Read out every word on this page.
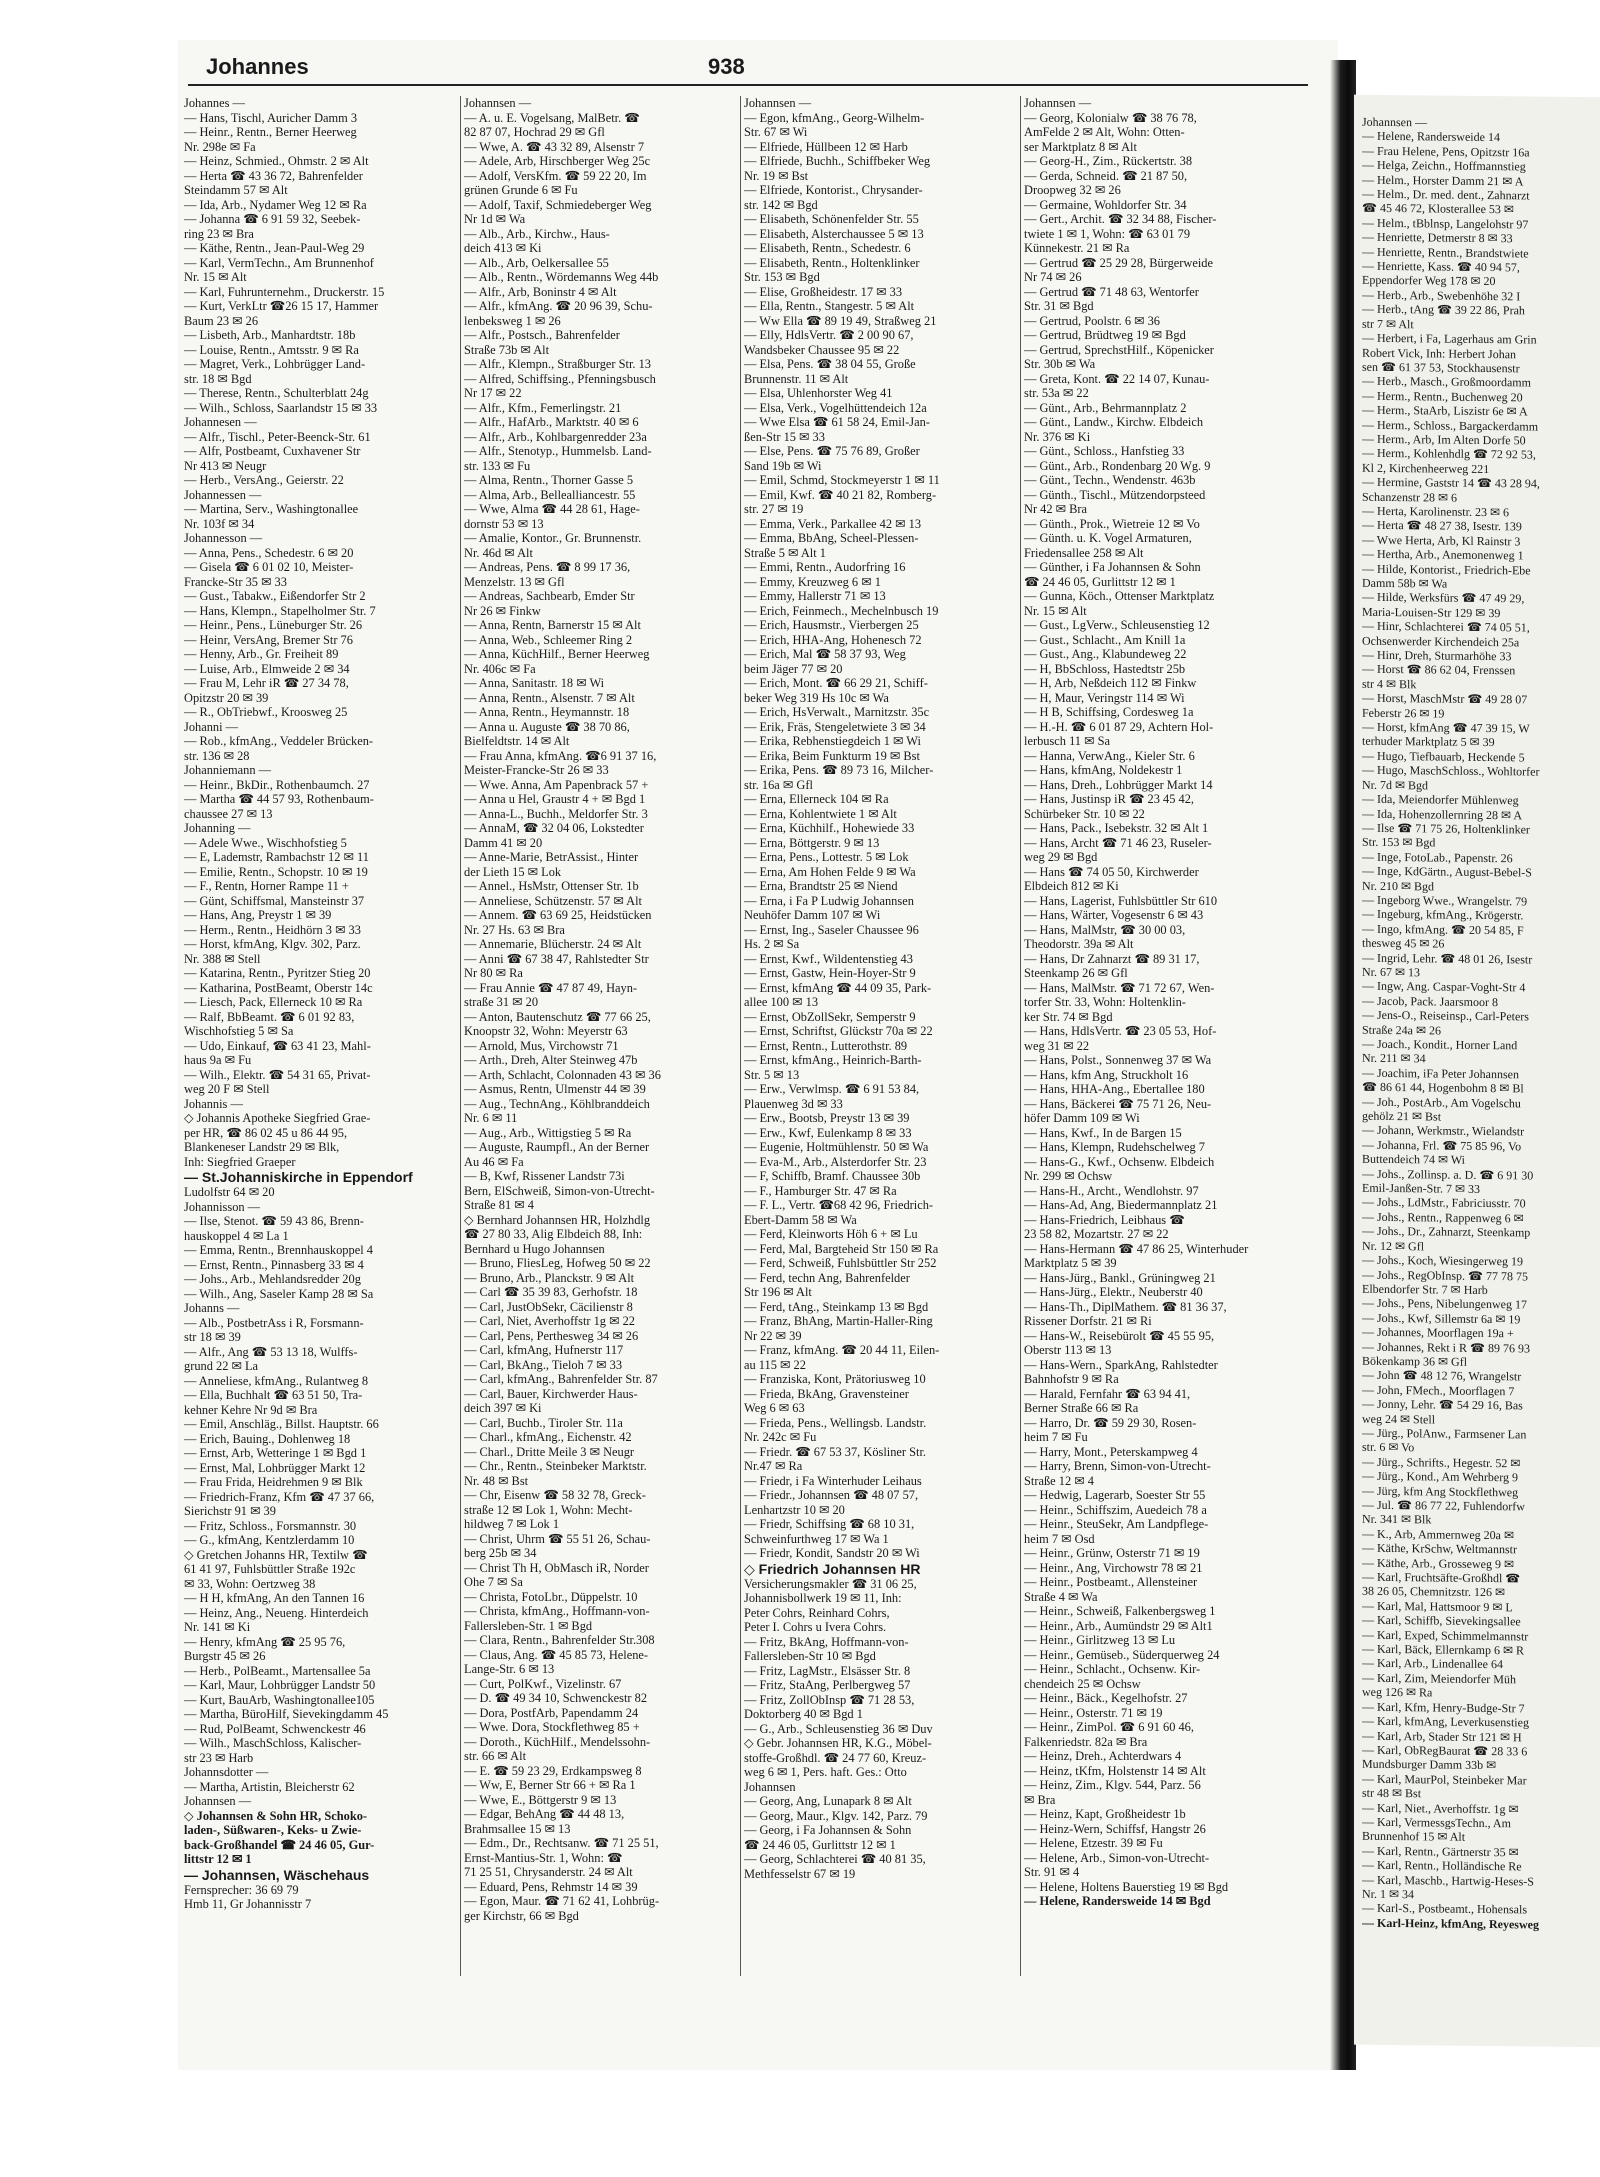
Johannsen —
— Helene, Randersweide 14
— Frau Helene, Pens, Opitzstr 16a
— Helga, Zeichn., Hoffmannstieg
— Helm., Horster Damm 21 ✉ A
— Helm., Dr. med. dent., Zahnarzt
☎ 45 46 72, Klosterallee 53 ✉
— Helm., tBblnsp, Langelohstr 97
— Henriette, Detmerstr 8 ✉ 33
— Henriette, Rentn., Brandstwiete
— Henriette, Kass. ☎ 40 94 57,
Eppendorfer Weg 178 ✉ 20
— Herb., Arb., Swebenhöhe 32 I
— Herb., tAng ☎ 39 22 86, Prah
str 7 ✉ Alt
— Herbert, i Fa, Lagerhaus am Grin
Robert Vick, Inh: Herbert Johan
sen ☎ 61 37 53, Stockhausenstr
— Herb., Masch., Großmoordamm
— Herm., Rentn., Buchenweg 20
— Herm., StaArb, Liszistr 6e ✉ A
— Herm., Schloss., Bargackerdamm
— Herm., Arb, Im Alten Dorfe 50
— Herm., Kohlenhdlg ☎ 72 92 53,
Kl 2, Kirchenheerweg 221
— Hermine, Gaststr 14 ☎ 43 28 94,
Schanzenstr 28 ✉ 6
— Herta, Karolinenstr. 23 ✉ 6
— Herta ☎ 48 27 38, Isestr. 139
— Wwe Herta, Arb, Kl Rainstr 3
— Hertha, Arb., Anemonenweg 1
— Hilde, Kontorist., Friedrich-Ebe
Damm 58b ✉ Wa
— Hilde, Werksfürs ☎ 47 49 29,
Maria-Louisen-Str 129 ✉ 39
— Hinr, Schlachterei ☎ 74 05 51,
Ochsenwerder Kirchendeich 25a
— Hinr, Dreh, Sturmarhöhe 33
— Horst ☎ 86 62 04, Frenssen
str 4 ✉ Blk
— Horst, MaschMstr ☎ 49 28 07
Feberstr 26 ✉ 19
— Horst, kfmAng ☎ 47 39 15, W
terhuder Marktplatz 5 ✉ 39
— Hugo, Tiefbauarb, Heckende 5
— Hugo, MaschSchloss., Wohltorfer
Nr. 7d ✉ Bgd
— Ida, Meiendorfer Mühlenweg
— Ida, Hohenzollernring 28 ✉ A
— Ilse ☎ 71 75 26, Holtenklinker
Str. 153 ✉ Bgd
— Inge, FotoLab., Papenstr. 26
— Inge, KdGärtn., August-Bebel-S
Nr. 210 ✉ Bgd
— Ingeborg Wwe., Wrangelstr. 79
— Ingeburg, kfmAng., Krögerstr.
— Ingo, kfmAng. ☎ 20 54 85, F
thesweg 45 ✉ 26
— Ingrid, Lehr. ☎ 48 01 26, Isestr
Nr. 67 ✉ 13
— Ingw, Ang. Caspar-Voght-Str 4
— Jacob, Pack. Jaarsmoor 8
— Jens-O., Reiseinsp., Carl-Peters
Straße 24a ✉ 26
— Joach., Kondit., Horner Land
Nr. 211 ✉ 34
— Joachim, iFa Peter Johannsen
☎ 86 61 44, Hogenbohm 8 ✉ Bl
— Joh., PostArb., Am Vogelschu
gehölz 21 ✉ Bst
— Johann, Werkmstr., Wielandstr
— Johanna, Frl. ☎ 75 85 96, Vo
Buttendeich 74 ✉ Wi
— Johs., Zollinsp. a. D. ☎ 6 91 30
Emil-Janßen-Str. 7 ✉ 33
— Johs., LdMstr., Fabriciusstr. 70
— Johs., Rentn., Rappenweg 6 ✉
— Johs., Dr., Zahnarzt, Steenkamp
Nr. 12 ✉ Gfl
— Johs., Koch, Wiesingerweg 19
— Johs., RegObInsp. ☎ 77 78 75
Elbendorfer Str. 7 ✉ Harb
— Johs., Pens, Nibelungenweg 17
— Johs., Kwf, Sillemstr 6a ✉ 19
— Johannes, Moorflagen 19a +
— Johannes, Rekt i R ☎ 89 76 93
Bökenkamp 36 ✉ Gfl
— John ☎ 48 12 76, Wrangelstr
— John, FMech., Moorflagen 7
— Jonny, Lehr. ☎ 54 29 16, Bas
weg 24 ✉ Stell
— Jürg., PolAnw., Farmsener Lan
str. 6 ✉ Vo
— Jürg., Schrifts., Hegestr. 52 ✉
— Jürg., Kond., Am Wehrberg 9
— Jürg, kfm Ang Stockflethweg
— Jul. ☎ 86 77 22, Fuhlendorfw
Nr. 341 ✉ Blk
— K., Arb, Ammernweg 20a ✉
— Käthe, KrSchw, Weltmannstr
— Käthe, Arb., Grosseweg 9 ✉
— Karl, Fruchtsäfte-Großhdl ☎
38 26 05, Chemnitzstr. 126 ✉
— Karl, Mal, Hattsmoor 9 ✉ L
— Karl, Schiffb, Sievekingsallee
— Karl, Exped, Schimmelmannstr
— Karl, Bäck, Ellernkamp 6 ✉ R
— Karl, Arb., Lindenallee 64
— Karl, Zim, Meiendorfer Müh
weg 126 ✉ Ra
— Karl, Kfm, Henry-Budge-Str 7
— Karl, kfmAng, Leverkusenstieg
— Karl, Arb, Stader Str 121 ✉ H
— Karl, ObRegBaurat ☎ 28 33 6
Mundsburger Damm 33b ✉
— Karl, MaurPol, Steinbeker Mar
str 48 ✉ Bst
— Karl, Niet., Averhoffstr. 1g ✉
— Karl, VermessgsTechn., Am
Brunnenhof 15 ✉ Alt
— Karl, Rentn., Gärtnerstr 35 ✉
— Karl, Rentn., Holländische Re
— Karl, Maschb., Hartwig-Heses-S
Nr. 1 ✉ 34
— Karl-S., Postbeamt., Hohensals
— Karl-Heinz, kfmAng, Reyesweg
Johannes	938
Johannes —
— Hans, Tischl, Auricher Damm 3
— Heinr., Rentn., Berner Heerweg
Nr. 298e ✉ Fa
— Heinz, Schmied., Ohmstr. 2 ✉ Alt
— Herta ☎ 43 36 72, Bahrenfelder
Steindamm 57 ✉ Alt
— Ida, Arb., Nydamer Weg 12 ✉ Ra
— Johanna ☎ 6 91 59 32, Seebek-
ring 23 ✉ Bra
— Käthe, Rentn., Jean-Paul-Weg 29
— Karl, VermTechn., Am Brunnenhof
Nr. 15 ✉ Alt
— Karl, Fuhrunternehm., Druckerstr. 15
— Kurt, VerkLtr ☎26 15 17, Hammer
Baum 23 ✉ 26
— Lisbeth, Arb., Manhardtstr. 18b
— Louise, Rentn., Amtsstr. 9 ✉ Ra
— Magret, Verk., Lohbrügger Land-
str. 18 ✉ Bgd
— Therese, Rentn., Schulterblatt 24g
— Wilh., Schloss, Saarlandstr 15 ✉ 33
Johannesen —
— Alfr., Tischl., Peter-Beenck-Str. 61
— Alfr, Postbeamt, Cuxhavener Str
Nr 413 ✉ Neugr
— Herb., VersAng., Geierstr. 22
Johannessen —
— Martina, Serv., Washingtonallee
Nr. 103f ✉ 34
Johannesson —
— Anna, Pens., Schedestr. 6 ✉ 20
— Gisela ☎ 6 01 02 10, Meister-
Francke-Str 35 ✉ 33
— Gust., Tabakw., Eißendorfer Str 2
— Hans, Klempn., Stapelholmer Str. 7
— Heinr., Pens., Lüneburger Str. 26
— Heinr, VersAng, Bremer Str 76
— Henny, Arb., Gr. Freiheit 89
— Luise, Arb., Elmweide 2 ✉ 34
— Frau M, Lehr iR ☎ 27 34 78,
Opitzstr 20 ✉ 39
— R., ObTriebwf., Kroosweg 25
Johanni —
— Rob., kfmAng., Veddeler Brücken-
str. 136 ✉ 28
Johanniemann —
— Heinr., BkDir., Rothenbaumch. 27
— Martha ☎ 44 57 93, Rothenbaum-
chaussee 27 ✉ 13
Johanning —
— Adele Wwe., Wischhofstieg 5
— E, Lademstr, Rambachstr 12 ✉ 11
— Emilie, Rentn., Schopstr. 10 ✉ 19
— F., Rentn, Horner Rampe 11 +
— Günt, Schiffsmal, Mansteinstr 37
— Hans, Ang, Preystr 1 ✉ 39
— Herm., Rentn., Heidhörn 3 ✉ 33
— Horst, kfmAng, Klgv. 302, Parz.
Nr. 388 ✉ Stell
— Katarina, Rentn., Pyritzer Stieg 20
— Katharina, PostBeamt, Oberstr 14c
— Liesch, Pack, Ellerneck 10 ✉ Ra
— Ralf, BbBeamt. ☎ 6 01 92 83,
Wischhofstieg 5 ✉ Sa
— Udo, Einkauf, ☎ 63 41 23, Mahl-
haus 9a ✉ Fu
— Wilh., Elektr. ☎ 54 31 65, Privat-
weg 20 F ✉ Stell
Johannis —
◇ Johannis Apotheke Siegfried Grae-
per HR, ☎ 86 02 45 u 86 44 95,
Blankeneser Landstr 29 ✉ Blk,
Inh: Siegfried Graeper
— St.Johanniskirche in Eppendorf
Ludolfstr 64 ✉ 20
Johannisson —
— Ilse, Stenot. ☎ 59 43 86, Brenn-
hauskoppel 4 ✉ La 1
— Emma, Rentn., Brennhauskoppel 4
— Ernst, Rentn., Pinnasberg 33 ✉ 4
— Johs., Arb., Mehlandsredder 20g
— Wilh., Ang, Saseler Kamp 28 ✉ Sa
Johanns —
— Alb., PostbetrAss i R, Forsmann-
str 18 ✉ 39
— Alfr., Ang ☎ 53 13 18, Wulffs-
grund 22 ✉ La
— Anneliese, kfmAng., Rulantweg 8
— Ella, Buchhalt ☎ 63 51 50, Tra-
kehner Kehre Nr 9d ✉ Bra
— Emil, Anschläg., Billst. Hauptstr. 66
— Erich, Bauing., Dohlenweg 18
— Ernst, Arb, Wetteringe 1 ✉ Bgd 1
— Ernst, Mal, Lohbrügger Markt 12
— Frau Frida, Heidrehmen 9 ✉ Blk
— Friedrich-Franz, Kfm ☎ 47 37 66,
Sierichstr 91 ✉ 39
— Fritz, Schloss., Forsmannstr. 30
— G., kfmAng, Kentzlerdamm 10
◇ Gretchen Johanns HR, Textilw ☎
61 41 97, Fuhlsbüttler Straße 192c
✉ 33, Wohn: Oertzweg 38
— H H, kfmAng, An den Tannen 16
— Heinz, Ang., Neueng. Hinterdeich
Nr. 141 ✉ Ki
— Henry, kfmAng ☎ 25 95 76,
Burgstr 45 ✉ 26
— Herb., PolBeamt., Martensallee 5a
— Karl, Maur, Lohbrügger Landstr 50
— Kurt, BauArb, Washingtonallee105
— Martha, BüroHilf, Sievekingdamm 45
— Rud, PolBeamt, Schwenckestr 46
— Wilh., MaschSchloss, Kalischer-
str 23 ✉ Harb
Johannsdotter —
— Martha, Artistin, Bleicherstr 62
Johannsen —
◇ Johannsen & Sohn HR, Schoko-
laden-, Süßwaren-, Keks- u Zwie-
back-Großhandel ☎ 24 46 05, Gur-
littstr 12 ✉ 1
— Johannsen, Wäschehaus
Fernsprecher: 36 69 79
Hmb 11, Gr Johannisstr 7
Johannsen —
— A. u. E. Vogelsang, MalBetr. ☎
82 87 07, Hochrad 29 ✉ Gfl
— Wwe, A. ☎ 43 32 89, Alsenstr 7
— Adele, Arb, Hirschberger Weg 25c
— Adolf, VersKfm. ☎ 59 22 20, Im
grünen Grunde 6 ✉ Fu
— Adolf, Taxif, Schmiedeberger Weg
Nr 1d ✉ Wa
— Alb., Arb., Kirchw., Haus-
deich 413 ✉ Ki
— Alb., Arb, Oelkersallee 55
— Alb., Rentn., Wördemanns Weg 44b
— Alfr., Arb, Boninstr 4 ✉ Alt
— Alfr., kfmAng. ☎ 20 96 39, Schu-
lenbeksweg 1 ✉ 26
— Alfr., Postsch., Bahrenfelder
Straße 73b ✉ Alt
— Alfr., Klempn., Straßburger Str. 13
— Alfred, Schiffsing., Pfenningsbusch
Nr 17 ✉ 22
— Alfr., Kfm., Femerlingstr. 21
— Alfr., HafArb., Marktstr. 40 ✉ 6
— Alfr., Arb., Kohlbargenredder 23a
— Alfr., Stenotyp., Hummelsb. Land-
str. 133 ✉ Fu
— Alma, Rentn., Thorner Gasse 5
— Alma, Arb., Bellealliancestr. 55
— Wwe, Alma ☎ 44 28 61, Hage-
dornstr 53 ✉ 13
— Amalie, Kontor., Gr. Brunnenstr.
Nr. 46d ✉ Alt
— Andreas, Pens. ☎ 8 99 17 36,
Menzelstr. 13 ✉ Gfl
— Andreas, Sachbearb, Emder Str
Nr 26 ✉ Finkw
— Anna, Rentn, Barnerstr 15 ✉ Alt
— Anna, Web., Schleemer Ring 2
— Anna, KüchHilf., Berner Heerweg
Nr. 406c ✉ Fa
— Anna, Sanitastr. 18 ✉ Wi
— Anna, Rentn., Alsenstr. 7 ✉ Alt
— Anna, Rentn., Heymannstr. 18
— Anna u. Auguste ☎ 38 70 86,
Bielfeldtstr. 14 ✉ Alt
— Frau Anna, kfmAng. ☎6 91 37 16,
Meister-Francke-Str 26 ✉ 33
— Wwe. Anna, Am Papenbrack 57 +
— Anna u Hel, Graustr 4 + ✉ Bgd 1
— Anna-L., Buchh., Meldorfer Str. 3
— AnnaM, ☎ 32 04 06, Lokstedter
Damm 41 ✉ 20
— Anne-Marie, BetrAssist., Hinter
der Lieth 15 ✉ Lok
— Annel., HsMstr, Ottenser Str. 1b
— Anneliese, Schützenstr. 57 ✉ Alt
— Annem. ☎ 63 69 25, Heidstücken
Nr. 27 Hs. 63 ✉ Bra
— Annemarie, Blücherstr. 24 ✉ Alt
— Anni ☎ 67 38 47, Rahlstedter Str
Nr 80 ✉ Ra
— Frau Annie ☎ 47 87 49, Hayn-
straße 31 ✉ 20
— Anton, Bautenschutz ☎ 77 66 25,
Knoopstr 32, Wohn: Meyerstr 63
— Arnold, Mus, Virchowstr 71
— Arth., Dreh, Alter Steinweg 47b
— Arth, Schlacht, Colonnaden 43 ✉ 36
— Asmus, Rentn, Ulmenstr 44 ✉ 39
— Aug., TechnAng., Köhlbranddeich
Nr. 6 ✉ 11
— Aug., Arb., Wittigstieg 5 ✉ Ra
— Auguste, Raumpfl., An der Berner
Au 46 ✉ Fa
— B, Kwf, Rissener Landstr 73i
Bern, ElSchweiß, Simon-von-Utrecht-
Straße 81 ✉ 4
◇ Bernhard Johannsen HR, Holzhdlg
☎ 27 80 33, Alig Elbdeich 88, Inh:
Bernhard u Hugo Johannsen
— Bruno, FliesLeg, Hofweg 50 ✉ 22
— Bruno, Arb., Planckstr. 9 ✉ Alt
— Carl ☎ 35 39 83, Gerhofstr. 18
— Carl, JustObSekr, Cäcilienstr 8
— Carl, Niet, Averhoffstr 1g ✉ 22
— Carl, Pens, Perthesweg 34 ✉ 26
— Carl, kfmAng, Hufnerstr 117
— Carl, BkAng., Tieloh 7 ✉ 33
— Carl, kfmAng., Bahrenfelder Str. 87
— Carl, Bauer, Kirchwerder Haus-
deich 397 ✉ Ki
— Carl, Buchb., Tiroler Str. 11a
— Charl., kfmAng., Eichenstr. 42
— Charl., Dritte Meile 3 ✉ Neugr
— Chr., Rentn., Steinbeker Marktstr.
Nr. 48 ✉ Bst
— Chr, Eisenw ☎ 58 32 78, Greck-
straße 12 ✉ Lok 1, Wohn: Mecht-
hildweg 7 ✉ Lok 1
— Christ, Uhrm ☎ 55 51 26, Schau-
berg 25b ✉ 34
— Christ Th H, ObMasch iR, Norder
Ohe 7 ✉ Sa
— Christa, FotoLbr., Düppelstr. 10
— Christa, kfmAng., Hoffmann-von-
Fallersleben-Str. 1 ✉ Bgd
— Clara, Rentn., Bahrenfelder Str.308
— Claus, Ang. ☎ 45 85 73, Helene-
Lange-Str. 6 ✉ 13
— Curt, PolKwf., Vizelinstr. 67
— D. ☎ 49 34 10, Schwenckestr 82
— Dora, PostfArb, Papendamm 24
— Wwe. Dora, Stockflethweg 85 +
— Doroth., KüchHilf., Mendelssohn-
str. 66 ✉ Alt
— E. ☎ 59 23 29, Erdkampsweg 8
— Ww, E, Berner Str 66 + ✉ Ra 1
— Wwe, E., Böttgerstr 9 ✉ 13
— Edgar, BehAng ☎ 44 48 13,
Brahmsallee 15 ✉ 13
— Edm., Dr., Rechtsanw. ☎ 71 25 51,
Ernst-Mantius-Str. 1, Wohn: ☎
71 25 51, Chrysanderstr. 24 ✉ Alt
— Eduard, Pens, Rehmstr 14 ✉ 39
— Egon, Maur. ☎ 71 62 41, Lohbrüg-
ger Kirchstr, 66 ✉ Bgd
Johannsen —
— Egon, kfmAng., Georg-Wilhelm-
Str. 67 ✉ Wi
— Elfriede, Hüllbeen 12 ✉ Harb
— Elfriede, Buchh., Schiffbeker Weg
Nr. 19 ✉ Bst
— Elfriede, Kontorist., Chrysander-
str. 142 ✉ Bgd
— Elisabeth, Schönenfelder Str. 55
— Elisabeth, Alsterchaussee 5 ✉ 13
— Elisabeth, Rentn., Schedestr. 6
— Elisabeth, Rentn., Holtenklinker
Str. 153 ✉ Bgd
— Elise, Großheidestr. 17 ✉ 33
— Ella, Rentn., Stangestr. 5 ✉ Alt
— Ww Ella ☎ 89 19 49, Straßweg 21
— Elly, HdlsVertr. ☎ 2 00 90 67,
Wandsbeker Chaussee 95 ✉ 22
— Elsa, Pens. ☎ 38 04 55, Große
Brunnenstr. 11 ✉ Alt
— Elsa, Uhlenhorster Weg 41
— Elsa, Verk., Vogelhüttendeich 12a
— Wwe Elsa ☎ 61 58 24, Emil-Jan-
ßen-Str 15 ✉ 33
— Else, Pens. ☎ 75 76 89, Großer
Sand 19b ✉ Wi
— Emil, Schmd, Stockmeyerstr 1 ✉ 11
— Emil, Kwf. ☎ 40 21 82, Romberg-
str. 27 ✉ 19
— Emma, Verk., Parkallee 42 ✉ 13
— Emma, BbAng, Scheel-Plessen-
Straße 5 ✉ Alt 1
— Emmi, Rentn., Audorfring 16
— Emmy, Kreuzweg 6 ✉ 1
— Emmy, Hallerstr 71 ✉ 13
— Erich, Feinmech., Mechelnbusch 19
— Erich, Hausmstr., Vierbergen 25
— Erich, HHA-Ang, Hohenesch 72
— Erich, Mal ☎ 58 37 93, Weg
beim Jäger 77 ✉ 20
— Erich, Mont. ☎ 66 29 21, Schiff-
beker Weg 319 Hs 10c ✉ Wa
— Erich, HsVerwalt., Marnitzstr. 35c
— Erik, Fräs, Stengeletwiete 3 ✉ 34
— Erika, Rebhenstiegdeich 1 ✉ Wi
— Erika, Beim Funkturm 19 ✉ Bst
— Erika, Pens. ☎ 89 73 16, Milcher-
str. 16a ✉ Gfl
— Erna, Ellerneck 104 ✉ Ra
— Erna, Kohlentwiete 1 ✉ Alt
— Erna, Küchhilf., Hohewiede 33
— Erna, Böttgerstr. 9 ✉ 13
— Erna, Pens., Lottestr. 5 ✉ Lok
— Erna, Am Hohen Felde 9 ✉ Wa
— Erna, Brandtstr 25 ✉ Niend
— Erna, i Fa P Ludwig Johannsen
Neuhöfer Damm 107 ✉ Wi
— Ernst, Ing., Saseler Chaussee 96
Hs. 2 ✉ Sa
— Ernst, Kwf., Wildentenstieg 43
— Ernst, Gastw, Hein-Hoyer-Str 9
— Ernst, kfmAng ☎ 44 09 35, Park-
allee 100 ✉ 13
— Ernst, ObZollSekr, Semperstr 9
— Ernst, Schriftst, Glückstr 70a ✉ 22
— Ernst, Rentn., Lutterothstr. 89
— Ernst, kfmAng., Heinrich-Barth-
Str. 5 ✉ 13
— Erw., Verwlmsp. ☎ 6 91 53 84,
Plauenweg 3d ✉ 33
— Erw., Bootsb, Preystr 13 ✉ 39
— Erw., Kwf, Eulenkamp 8 ✉ 33
— Eugenie, Holtmühlenstr. 50 ✉ Wa
— Eva-M., Arb., Alsterdorfer Str. 23
— F, Schiffb, Bramf. Chaussee 30b
— F., Hamburger Str. 47 ✉ Ra
— F. L., Vertr. ☎68 42 96, Friedrich-
Ebert-Damm 58 ✉ Wa
— Ferd, Kleinworts Höh 6 + ✉ Lu
— Ferd, Mal, Bargteheid Str 150 ✉ Ra
— Ferd, Schweiß, Fuhlsbüttler Str 252
— Ferd, techn Ang, Bahrenfelder
Str 196 ✉ Alt
— Ferd, tAng., Steinkamp 13 ✉ Bgd
— Franz, BhAng, Martin-Haller-Ring
Nr 22 ✉ 39
— Franz, kfmAng. ☎ 20 44 11, Eilen-
au 115 ✉ 22
— Franziska, Kont, Prätoriusweg 10
— Frieda, BkAng, Gravensteiner
Weg 6 ✉ 63
— Frieda, Pens., Wellingsb. Landstr.
Nr. 242c ✉ Fu
— Friedr. ☎ 67 53 37, Kösliner Str.
Nr.47 ✉ Ra
— Friedr, i Fa Winterhuder Leihaus
— Friedr., Johannsen ☎ 48 07 57,
Lenhartzstr 10 ✉ 20
— Friedr, Schiffsing ☎ 68 10 31,
Schweinfurthweg 17 ✉ Wa 1
— Friedr, Kondit, Sandstr 20 ✉ Wi
◇ Friedrich Johannsen HR
Versicherungsmakler ☎ 31 06 25,
Johannisbollwerk 19 ✉ 11, Inh:
Peter Cohrs, Reinhard Cohrs,
Peter I. Cohrs u Ivera Cohrs.
— Fritz, BkAng, Hoffmann-von-
Fallersleben-Str 10 ✉ Bgd
— Fritz, LagMstr., Elsässer Str. 8
— Fritz, StaAng, Perlbergweg 57
— Fritz, ZollObInsp ☎ 71 28 53,
Doktorberg 40 ✉ Bgd 1
— G., Arb., Schleusenstieg 36 ✉ Duv
◇ Gebr. Johannsen HR, K.G., Möbel-
stoffe-Großhdl. ☎ 24 77 60, Kreuz-
weg 6 ✉ 1, Pers. haft. Ges.: Otto
Johannsen
— Georg, Ang, Lunapark 8 ✉ Alt
— Georg, Maur., Klgv. 142, Parz. 79
— Georg, i Fa Johannsen & Sohn
☎ 24 46 05, Gurlittstr 12 ✉ 1
— Georg, Schlachterei ☎ 40 81 35,
Methfesselstr 67 ✉ 19
Johannsen —
— Georg, Kolonialw ☎ 38 76 78,
AmFelde 2 ✉ Alt, Wohn: Otten-
ser Marktplatz 8 ✉ Alt
— Georg-H., Zim., Rückertstr. 38
— Gerda, Schneid. ☎ 21 87 50,
Droopweg 32 ✉ 26
— Germaine, Wohldorfer Str. 34
— Gert., Archit. ☎ 32 34 88, Fischer-
twiete 1 ✉ 1, Wohn: ☎ 63 01 79
Künnekestr. 21 ✉ Ra
— Gertrud ☎ 25 29 28, Bürgerweide
Nr 74 ✉ 26
— Gertrud ☎ 71 48 63, Wentorfer
Str. 31 ✉ Bgd
— Gertrud, Poolstr. 6 ✉ 36
— Gertrud, Brüdtweg 19 ✉ Bgd
— Gertrud, SprechstHilf., Köpenicker
Str. 30b ✉ Wa
— Greta, Kont. ☎ 22 14 07, Kunau-
str. 53a ✉ 22
— Günt., Arb., Behrmannplatz 2
— Günt., Landw., Kirchw. Elbdeich
Nr. 376 ✉ Ki
— Günt., Schloss., Hanfstieg 33
— Günt., Arb., Rondenbarg 20 Wg. 9
— Günt., Techn., Wendenstr. 463b
— Günth., Tischl., Mützendorpsteed
Nr 42 ✉ Bra
— Günth., Prok., Wietreie 12 ✉ Vo
— Günth. u. K. Vogel Armaturen,
Friedensallee 258 ✉ Alt
— Günther, i Fa Johannsen & Sohn
☎ 24 46 05, Gurlittstr 12 ✉ 1
— Gunna, Köch., Ottenser Marktplatz
Nr. 15 ✉ Alt
— Gust., LgVerw., Schleusenstieg 12
— Gust., Schlacht., Am Knill 1a
— Gust., Ang., Klabundeweg 22
— H, BbSchloss, Hastedtstr 25b
— H, Arb, Neßdeich 112 ✉ Finkw
— H, Maur, Veringstr 114 ✉ Wi
— H B, Schiffsing, Cordesweg 1a
— H.-H. ☎ 6 01 87 29, Achtern Hol-
lerbusch 11 ✉ Sa
— Hanna, VerwAng., Kieler Str. 6
— Hans, kfmAng, Noldekestr 1
— Hans, Dreh., Lohbrügger Markt 14
— Hans, Justinsp iR ☎ 23 45 42,
Schürbeker Str. 10 ✉ 22
— Hans, Pack., Isebekstr. 32 ✉ Alt 1
— Hans, Archt ☎ 71 46 23, Ruseler-
weg 29 ✉ Bgd
— Hans ☎ 74 05 50, Kirchwerder
Elbdeich 812 ✉ Ki
— Hans, Lagerist, Fuhlsbüttler Str 610
— Hans, Wärter, Vogesenstr 6 ✉ 43
— Hans, MalMstr, ☎ 30 00 03,
Theodorstr. 39a ✉ Alt
— Hans, Dr Zahnarzt ☎ 89 31 17,
Steenkamp 26 ✉ Gfl
— Hans, MalMstr. ☎ 71 72 67, Wen-
torfer Str. 33, Wohn: Holtenklin-
ker Str. 74 ✉ Bgd
— Hans, HdlsVertr. ☎ 23 05 53, Hof-
weg 31 ✉ 22
— Hans, Polst., Sonnenweg 37 ✉ Wa
— Hans, kfm Ang, Struckholt 16
— Hans, HHA-Ang., Ebertallee 180
— Hans, Bäckerei ☎ 75 71 26, Neu-
höfer Damm 109 ✉ Wi
— Hans, Kwf., In de Bargen 15
— Hans, Klempn, Rudehschelweg 7
— Hans-G., Kwf., Ochsenw. Elbdeich
Nr. 299 ✉ Ochsw
— Hans-H., Archt., Wendlohstr. 97
— Hans-Ad, Ang, Biedermannplatz 21
— Hans-Friedrich, Leibhaus ☎
23 58 82, Mozartstr. 27 ✉ 22
— Hans-Hermann ☎ 47 86 25, Winterhuder
Marktplatz 5 ✉ 39
— Hans-Jürg., Bankl., Grüningweg 21
— Hans-Jürg., Elektr., Neuberstr 40
— Hans-Th., DiplMathem. ☎ 81 36 37,
Rissener Dorfstr. 21 ✉ Ri
— Hans-W., Reisebürolt ☎ 45 55 95,
Oberstr 113 ✉ 13
— Hans-Wern., SparkAng, Rahlstedter
Bahnhofstr 9 ✉ Ra
— Harald, Fernfahr ☎ 63 94 41,
Berner Straße 66 ✉ Ra
— Harro, Dr. ☎ 59 29 30, Rosen-
heim 7 ✉ Fu
— Harry, Mont., Peterskampweg 4
— Harry, Brenn, Simon-von-Utrecht-
Straße 12 ✉ 4
— Hedwig, Lagerarb, Soester Str 55
— Heinr., Schiffszim, Auedeich 78 a
— Heinr., SteuSekr, Am Landpflege-
heim 7 ✉ Osd
— Heinr., Grünw, Osterstr 71 ✉ 19
— Heinr., Ang, Virchowstr 78 ✉ 21
— Heinr., Postbeamt., Allensteiner
Straße 4 ✉ Wa
— Heinr., Schweiß, Falkenbergsweg 1
— Heinr., Arb., Aumündstr 29 ✉ Alt1
— Heinr., Girlitzweg 13 ✉ Lu
— Heinr., Gemüseb., Süderquerweg 24
— Heinr., Schlacht., Ochsenw. Kir-
chendeich 25 ✉ Ochsw
— Heinr., Bäck., Kegelhofstr. 27
— Heinr., Osterstr. 71 ✉ 19
— Heinr., ZimPol. ☎ 6 91 60 46,
Falkenriedstr. 82a ✉ Bra
— Heinz, Dreh., Achterdwars 4
— Heinz, tKfm, Holstenstr 14 ✉ Alt
— Heinz, Zim., Klgv. 544, Parz. 56
✉ Bra
— Heinz, Kapt, Großheidestr 1b
— Heinz-Wern, Schiffsf, Hangstr 26
— Helene, Etzestr. 39 ✉ Fu
— Helene, Arb., Simon-von-Utrecht-
Str. 91 ✉ 4
— Helene, Holtens Bauerstieg 19 ✉ Bgd
— Helene, Randersweide 14 ✉ Bgd
